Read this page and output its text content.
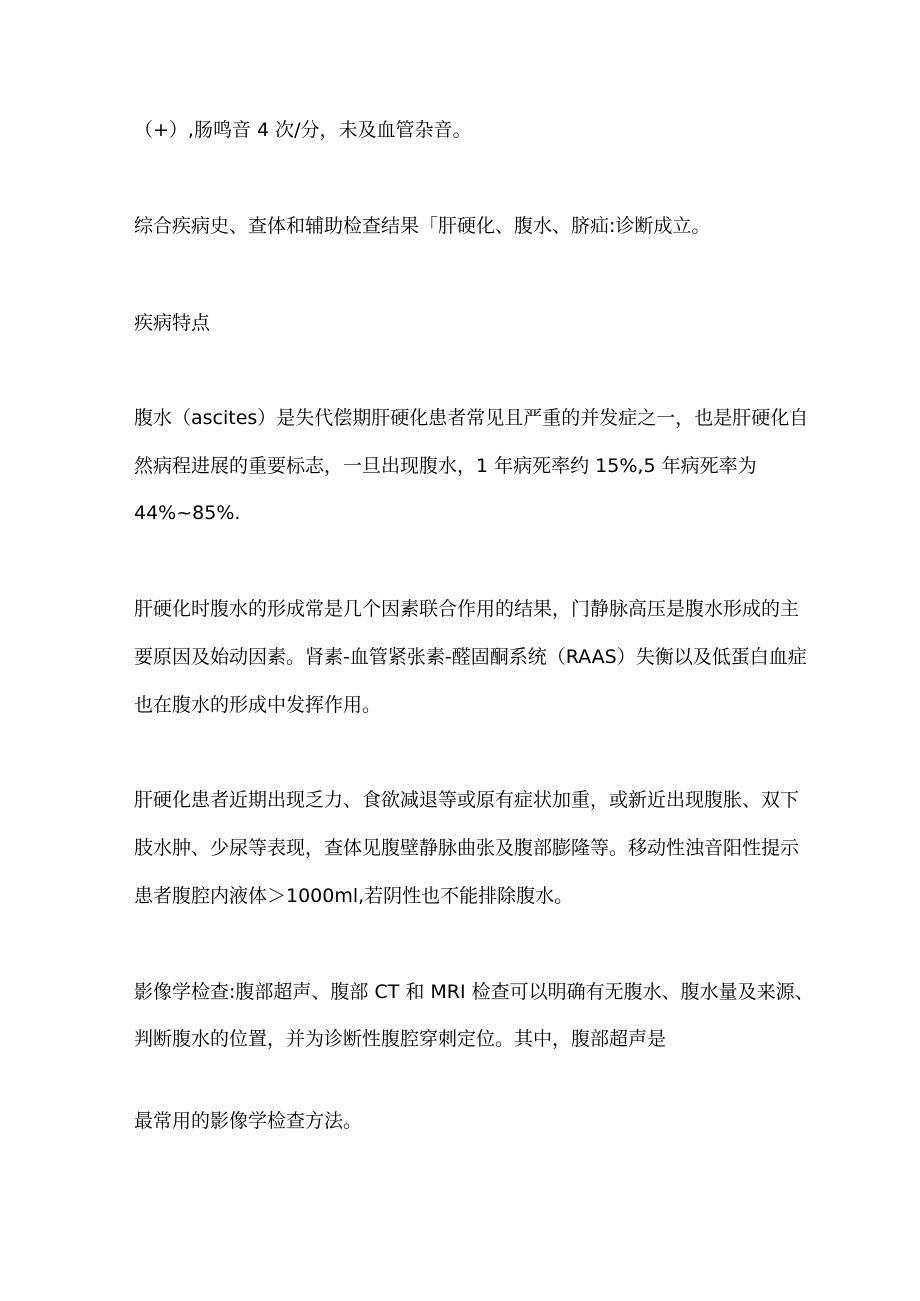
（+）,肠鸣音 4 次/分，未及血管杂音。
综合疾病史、查体和辅助检查结果「肝硬化、腹水、脐疝:诊断成立。
疾病特点
腹水（ascites）是失代偿期肝硬化患者常见且严重的并发症之一，也是肝硬化自
然病程进展的重要标志，一旦出现腹水，1 年病死率约 15%,5 年病死率为
44%~85%.
肝硬化时腹水的形成常是几个因素联合作用的结果，门静脉高压是腹水形成的主
要原因及始动因素。肾素-血管紧张素-醛固酮系统（RAAS）失衡以及低蛋白血症
也在腹水的形成中发挥作用。
肝硬化患者近期出现乏力、食欲减退等或原有症状加重，或新近出现腹胀、双下
肢水肿、少尿等表现，查体见腹壁静脉曲张及腹部膨隆等。移动性浊音阳性提示
患者腹腔内液体＞1000ml,若阴性也不能排除腹水。
影像学检查:腹部超声、腹部 CT 和 MRI 检查可以明确有无腹水、腹水量及来源、
判断腹水的位置，并为诊断性腹腔穿刺定位。其中，腹部超声是
最常用的影像学检查方法。
